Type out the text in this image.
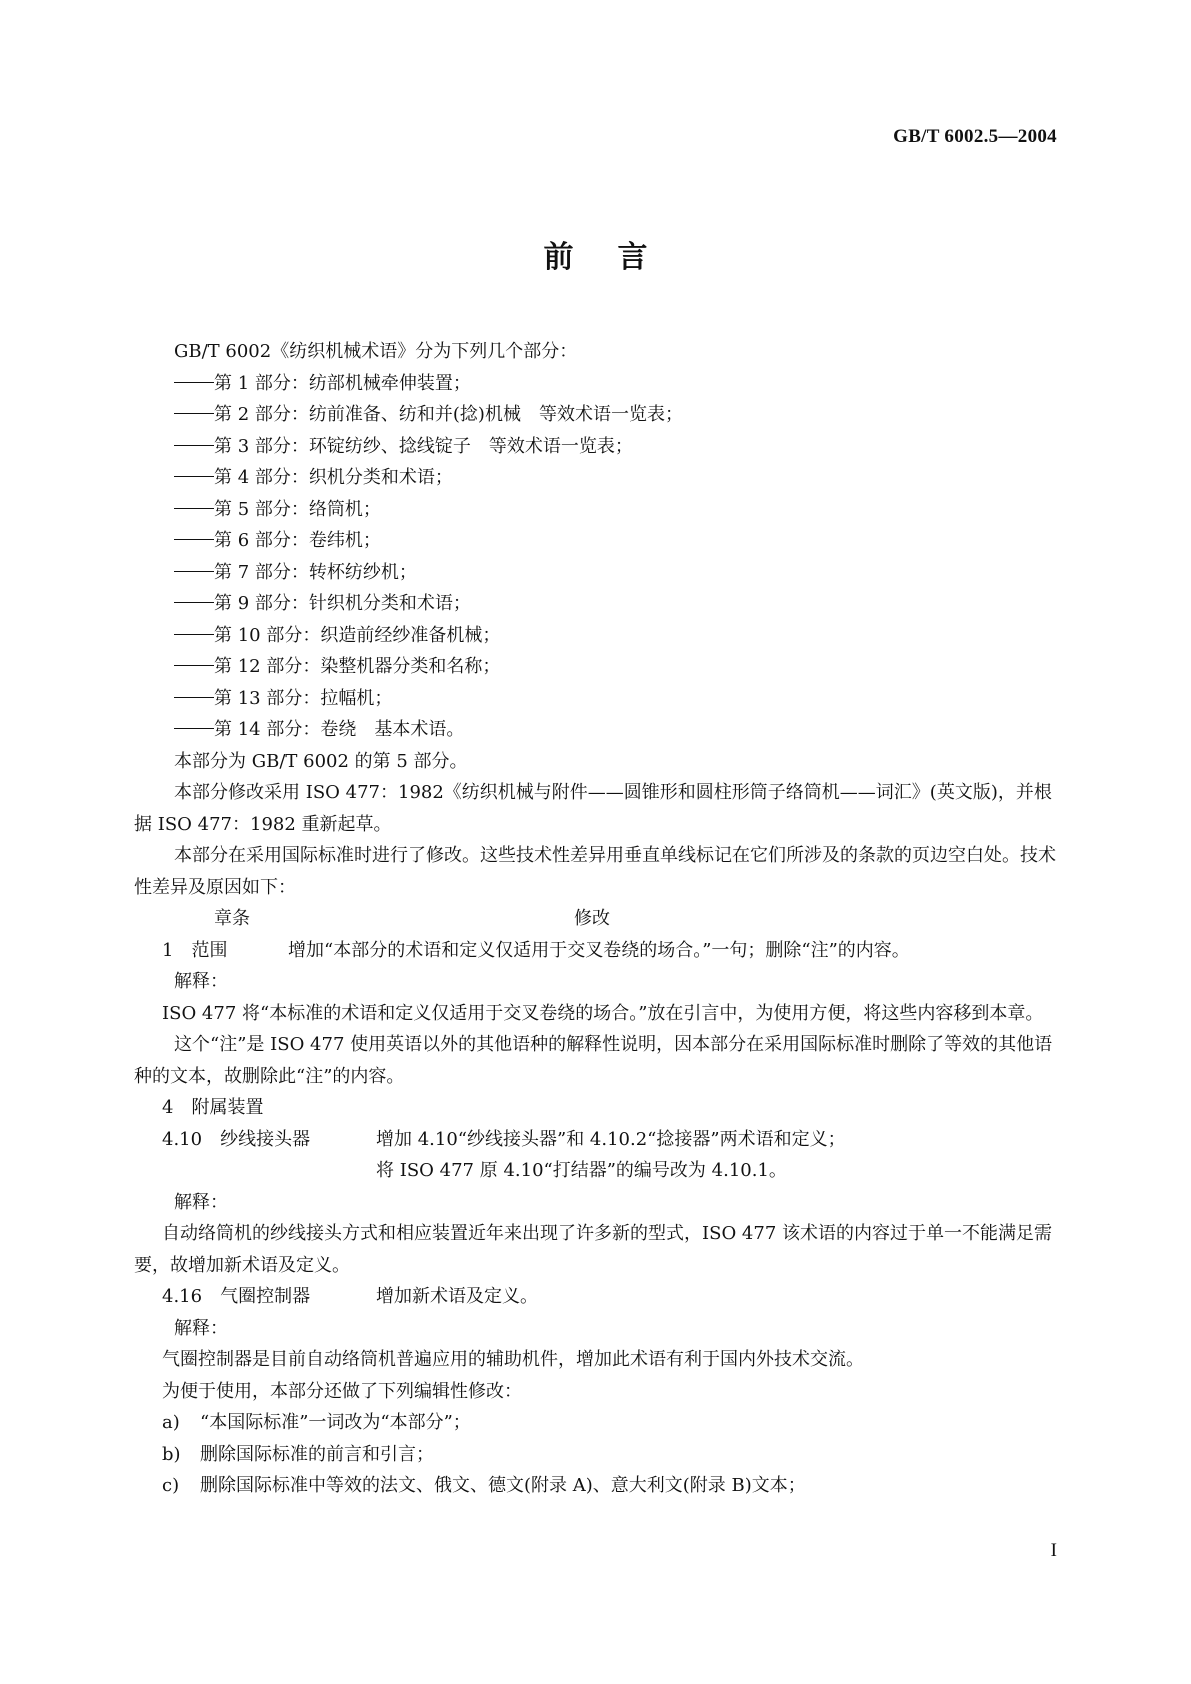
GB/T 6002.5—2004
前言

GB/T 6002《纺织机械术语》分为下列几个部分：

第 1 部分：纺部机械牵伸装置；

第 2 部分：纺前准备、纺和并(捻)机械　等效术语一览表；

第 3 部分：环锭纺纱、捻线锭子　等效术语一览表；

第 4 部分：织机分类和术语；

第 5 部分：络筒机；

第 6 部分：卷纬机；

第 7 部分：转杯纺纱机；

第 9 部分：针织机分类和术语；

第 10 部分：织造前经纱准备机械；

第 12 部分：染整机器分类和名称；

第 13 部分：拉幅机；

第 14 部分：卷绕　基本术语。

本部分为 GB/T 6002 的第 5 部分。

本部分修改采用 ISO 477：1982《纺织机械与附件——圆锥形和圆柱形筒子络筒机——词汇》(英文版)，并根据 ISO 477：1982 重新起草。

本部分在采用国际标准时进行了修改。这些技术性差异用垂直单线标记在它们所涉及的条款的页边空白处。技术性差异及原因如下：

章条	修改
1　范围	增加“本部分的术语和定义仅适用于交叉卷绕的场合。”一句；删除“注”的内容。

解释：

ISO 477 将“本标准的术语和定义仅适用于交叉卷绕的场合。”放在引言中，为使用方便，将这些内容移到本章。

这个“注”是 ISO 477 使用英语以外的其他语种的解释性说明，因本部分在采用国际标准时删除了等效的其他语种的文本，故删除此“注”的内容。

4　附属装置
4.10　纱线接头器	增加 4.10“纱线接头器”和 4.10.2“捻接器”两术语和定义；
将 ISO 477 原 4.10“打结器”的编号改为 4.10.1。

解释：

自动络筒机的纱线接头方式和相应装置近年来出现了许多新的型式，ISO 477 该术语的内容过于单一不能满足需要，故增加新术语及定义。

4.16　气圈控制器	增加新术语及定义。

解释：

气圈控制器是目前自动络筒机普遍应用的辅助机件，增加此术语有利于国内外技术交流。

为便于使用，本部分还做了下列编辑性修改：

a) “本国际标准”一词改为“本部分”；
b) 删除国际标准的前言和引言；
c) 删除国际标准中等效的法文、俄文、德文(附录 A)、意大利文(附录 B)文本；
I
